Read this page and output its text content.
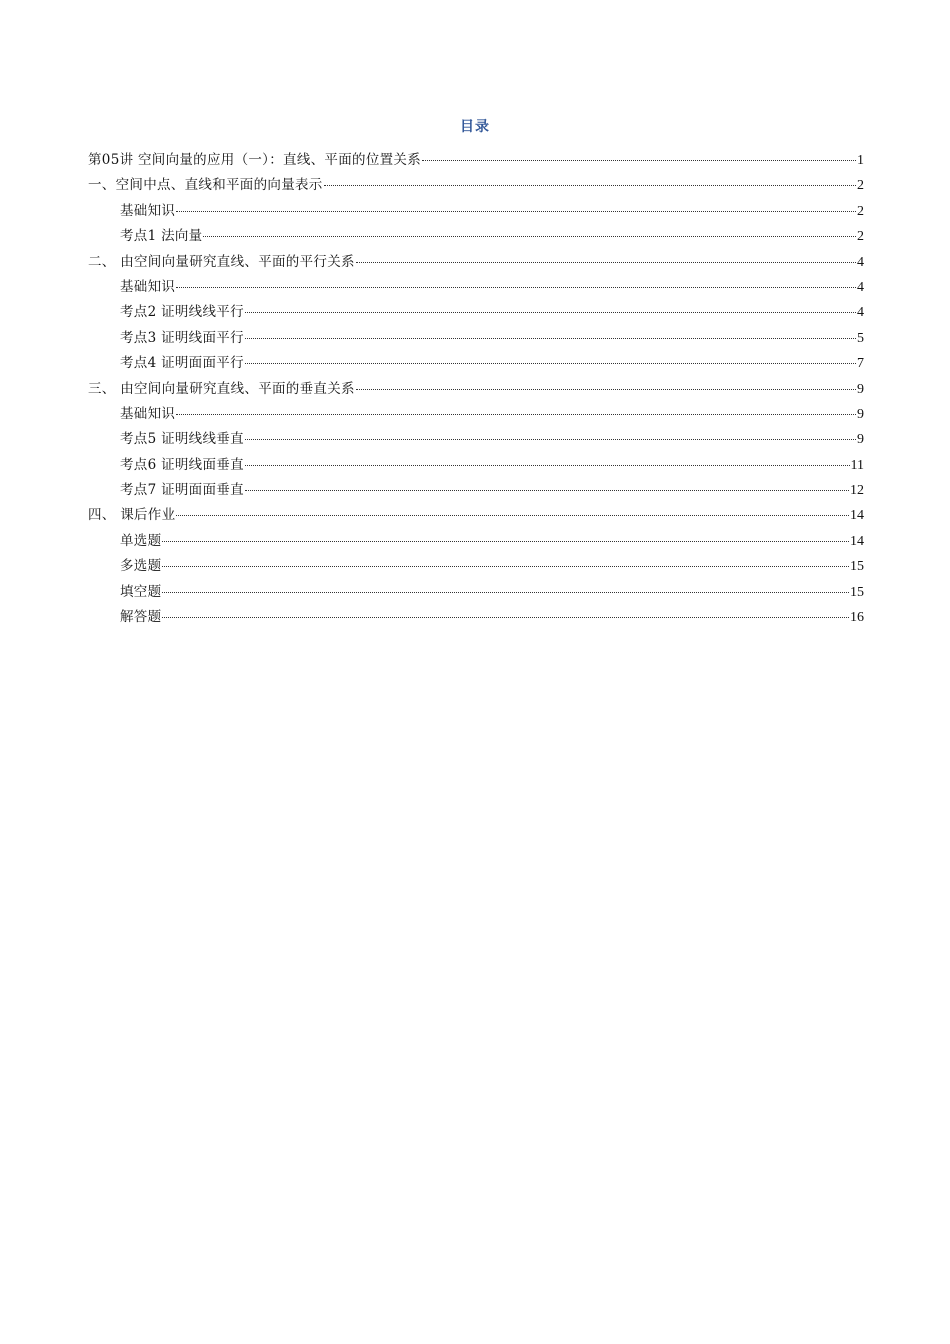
目录
第05讲 空间向量的应用（一）：直线、平面的位置关系	1
一、空间中点、直线和平面的向量表示	2
基础知识	2
考点1 法向量	2
二、 由空间向量研究直线、平面的平行关系	4
基础知识	4
考点2 证明线线平行	4
考点3 证明线面平行	5
考点4 证明面面平行	7
三、 由空间向量研究直线、平面的垂直关系	9
基础知识	9
考点5 证明线线垂直	9
考点6 证明线面垂直	11
考点7 证明面面垂直	12
四、 课后作业	14
单选题	14
多选题	15
填空题	15
解答题	16
